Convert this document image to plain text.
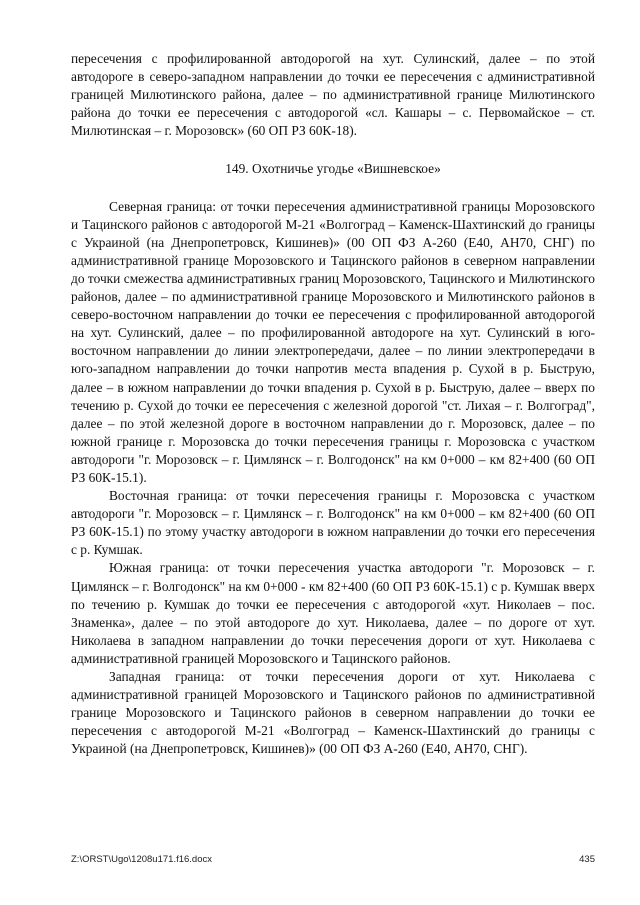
пересечения с профилированной автодорогой на хут. Сулинский, далее – по этой автодороге в северо-западном направлении до точки ее пересечения с административной границей Милютинского района, далее – по административной границе Милютинского района до точки ее пересечения с автодорогой «сл. Кашары – с. Первомайское – ст. Милютинская – г. Морозовск» (60 ОП РЗ 60К-18).

149. Охотничье угодье «Вишневское»

Северная граница: от точки пересечения административной границы Морозовского и Тацинского районов с автодорогой М-21 «Волгоград – Каменск-Шахтинский до границы с Украиной (на Днепропетровск, Кишинев)» (00 ОП ФЗ А-260 (Е40, АН70, СНГ) по административной границе Морозовского и Тацинского районов в северном направлении до точки смежества административных границ Морозовского, Тацинского и Милютинского районов, далее – по административной границе Морозовского и Милютинского районов в северо-восточном направлении до точки ее пересечения с профилированной автодорогой на хут. Сулинский, далее – по профилированной автодороге на хут. Сулинский в юго-восточном направлении до линии электропередачи, далее – по линии электропередачи в юго-западном направлении до точки напротив места впадения р. Сухой в р. Быструю, далее – в южном направлении до точки впадения р. Сухой в р. Быструю, далее – вверх по течению р. Сухой до точки ее пересечения с железной дорогой "ст. Лихая – г. Волгоград", далее – по этой железной дороге в восточном направлении до г. Морозовск, далее – по южной границе г. Морозовска до точки пересечения границы г. Морозовска с участком автодороги "г. Морозовск – г. Цимлянск – г. Волгодонск" на км 0+000 – км 82+400 (60 ОП РЗ 60К-15.1).

Восточная граница: от точки пересечения границы г. Морозовска с участком автодороги "г. Морозовск – г. Цимлянск – г. Волгодонск" на км 0+000 – км 82+400 (60 ОП РЗ 60К-15.1) по этому участку автодороги в южном направлении до точки его пересечения с р. Кумшак.

Южная граница: от точки пересечения участка автодороги "г. Морозовск – г. Цимлянск – г. Волгодонск" на км 0+000 - км 82+400 (60 ОП РЗ 60К-15.1) с р. Кумшак вверх по течению р. Кумшак до точки ее пересечения с автодорогой «хут. Николаев – пос. Знаменка», далее – по этой автодороге до хут. Николаева, далее – по дороге от хут. Николаева в западном направлении до точки пересечения дороги от хут. Николаева с административной границей Морозовского и Тацинского районов.

Западная граница: от точки пересечения дороги от хут. Николаева с административной границей Морозовского и Тацинского районов по административной границе Морозовского и Тацинского районов в северном направлении до точки ее пересечения с автодорогой М-21 «Волгоград – Каменск-Шахтинский до границы с Украиной (на Днепропетровск, Кишинев)» (00 ОП ФЗ А-260 (Е40, АН70, СНГ).

Z:\ORST\Ugo\1208u171.f16.docx	435
